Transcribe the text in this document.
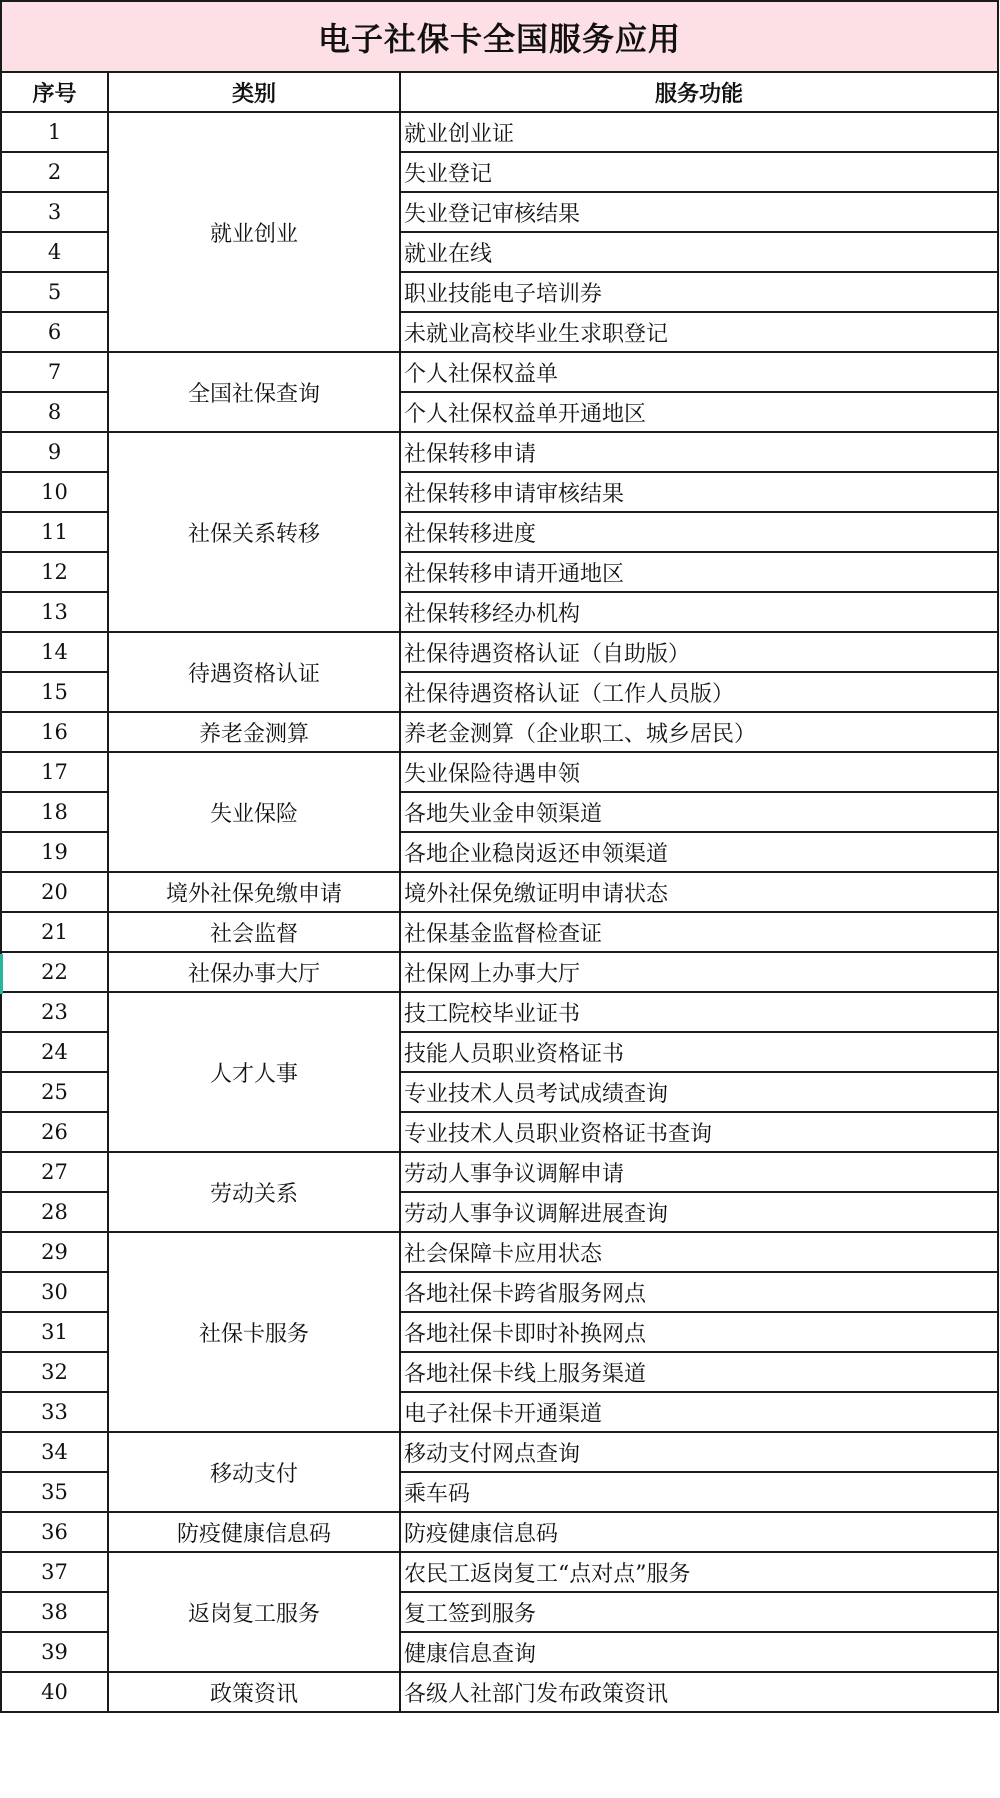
电子社保卡全国服务应用		
序号	类别	服务功能
1	就业创业	就业创业证
2		失业登记
3		失业登记审核结果
4		就业在线
5		职业技能电子培训券
6		未就业高校毕业生求职登记
7	全国社保查询	个人社保权益单
8		个人社保权益单开通地区
9	社保关系转移	社保转移申请
10		社保转移申请审核结果
11		社保转移进度
12		社保转移申请开通地区
13		社保转移经办机构
14	待遇资格认证	社保待遇资格认证（自助版）
15		社保待遇资格认证（工作人员版）
16	养老金测算	养老金测算（企业职工、城乡居民）
17	失业保险	失业保险待遇申领
18		各地失业金申领渠道
19		各地企业稳岗返还申领渠道
20	境外社保免缴申请	境外社保免缴证明申请状态
21	社会监督	社保基金监督检查证
22	社保办事大厅	社保网上办事大厅
23	人才人事	技工院校毕业证书
24		技能人员职业资格证书
25		专业技术人员考试成绩查询
26		专业技术人员职业资格证书查询
27	劳动关系	劳动人事争议调解申请
28		劳动人事争议调解进展查询
29	社保卡服务	社会保障卡应用状态
30		各地社保卡跨省服务网点
31		各地社保卡即时补换网点
32		各地社保卡线上服务渠道
33		电子社保卡开通渠道
34	移动支付	移动支付网点查询
35		乘车码
36	防疫健康信息码	防疫健康信息码
37	返岗复工服务	农民工返岗复工“点对点”服务
38		复工签到服务
39		健康信息查询
40	政策资讯	各级人社部门发布政策资讯
